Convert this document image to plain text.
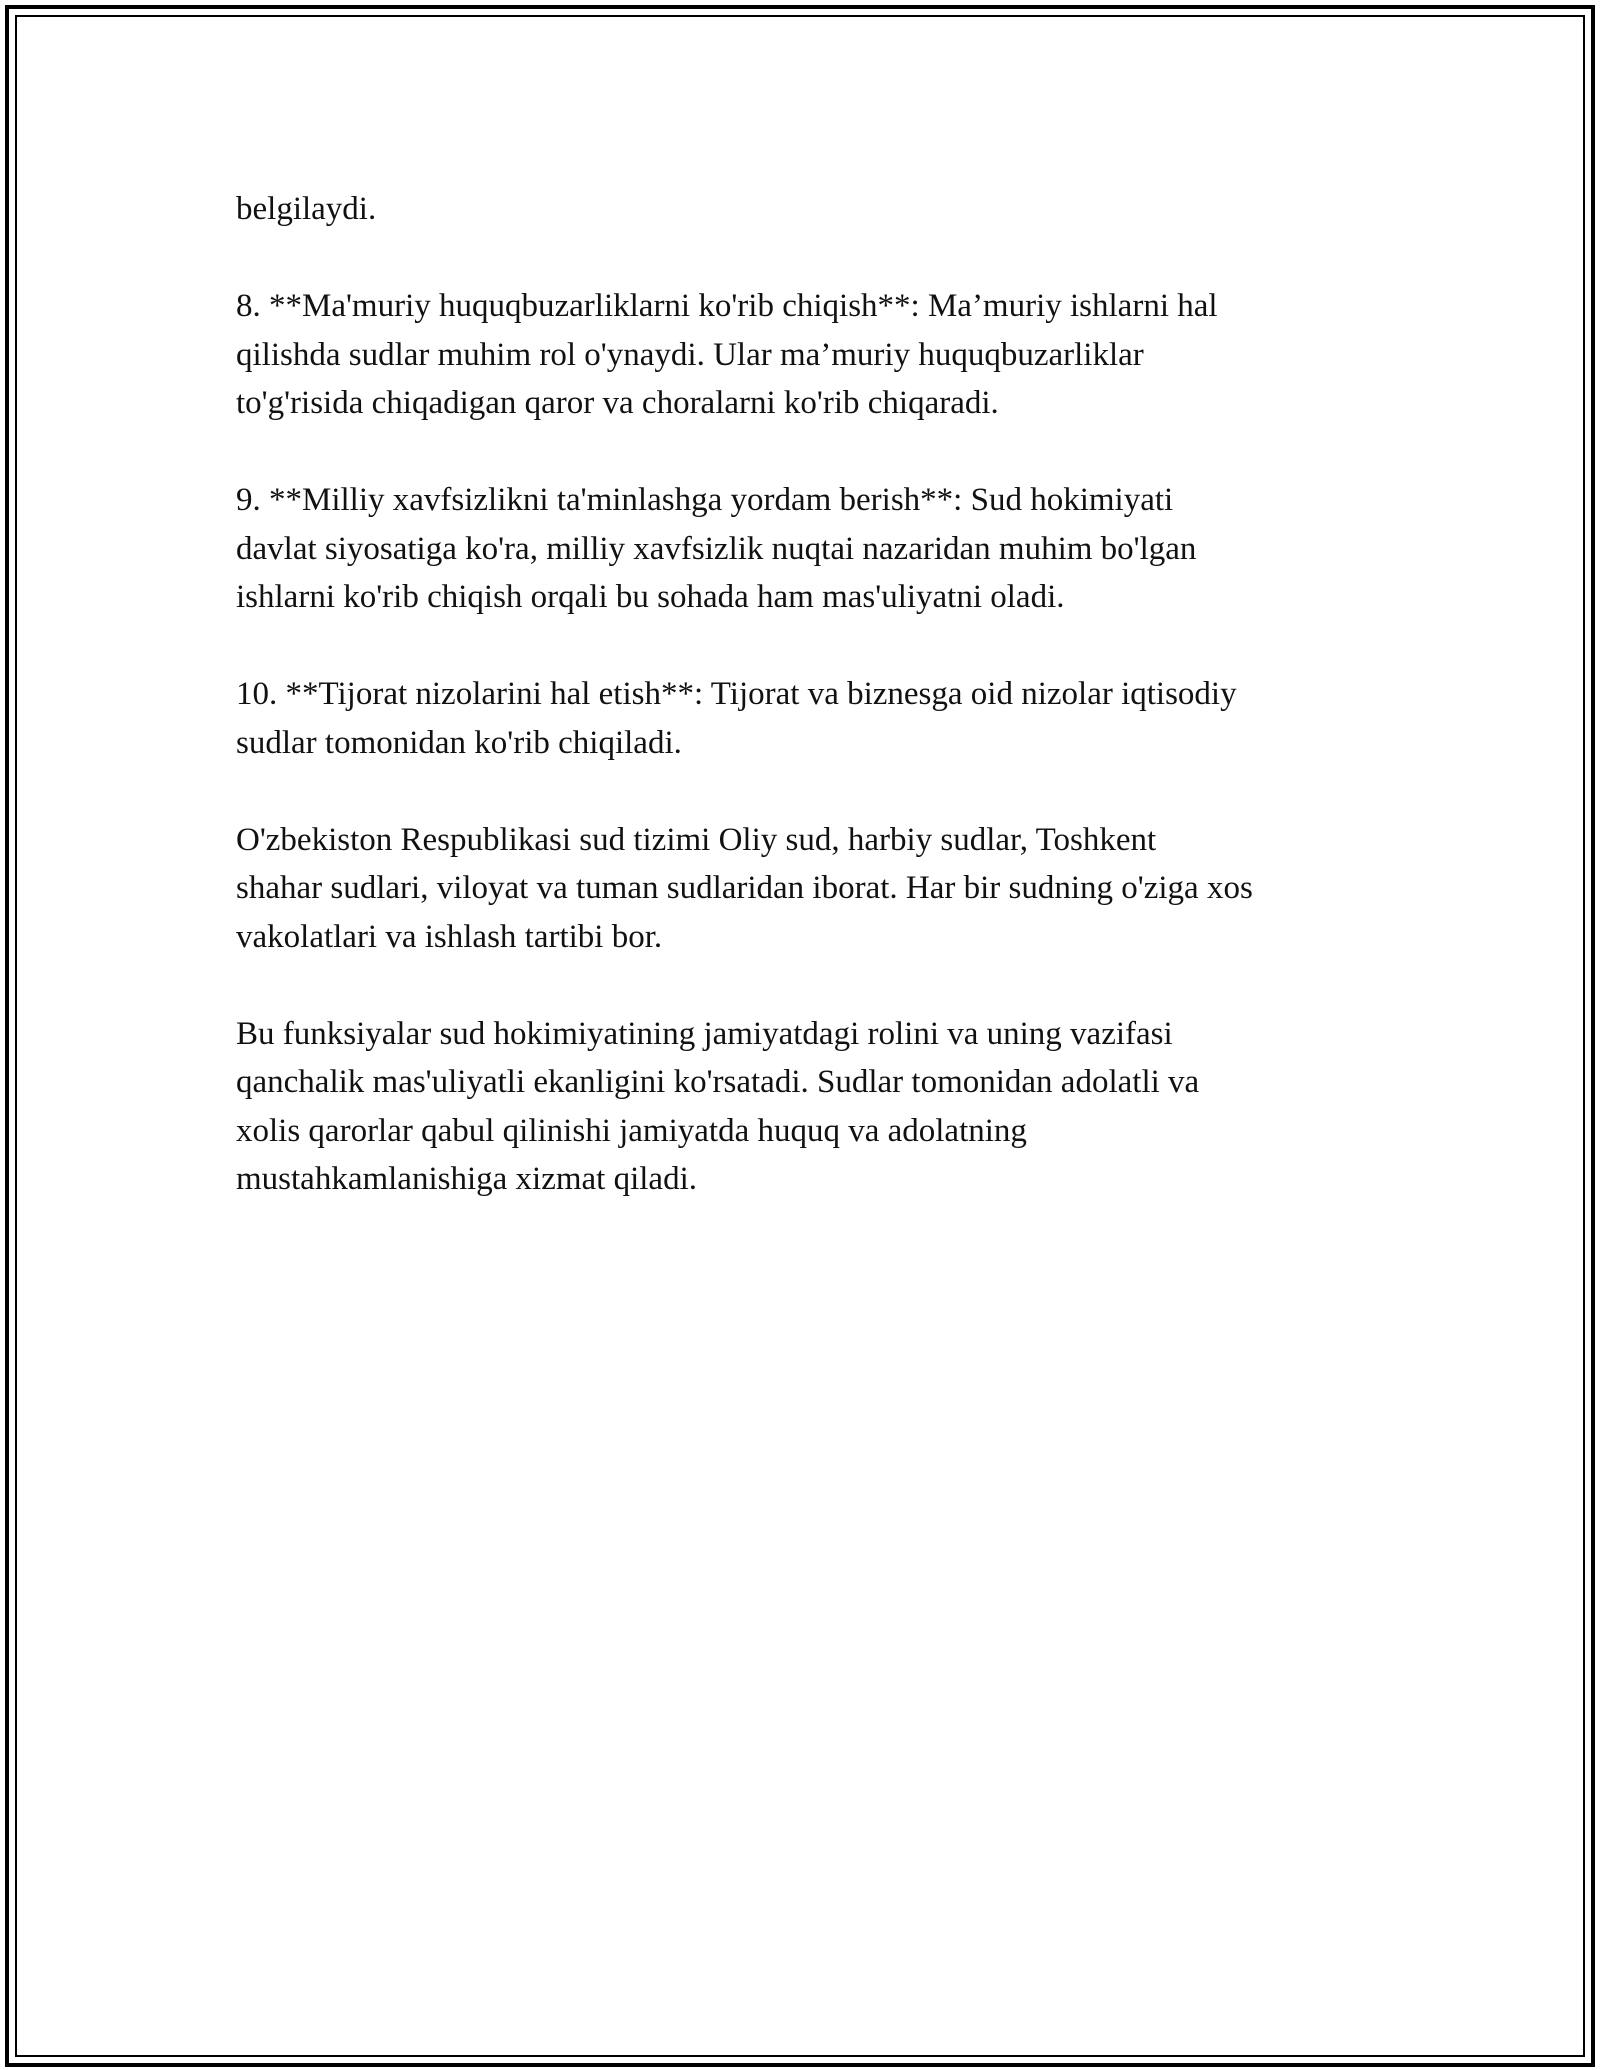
belgilaydi.
8. **Ma'muriy huquqbuzarliklarni ko'rib chiqish**: Ma’muriy ishlarni hal
qilishda sudlar muhim rol o'ynaydi. Ular ma’muriy huquqbuzarliklar
to'g'risida chiqadigan qaror va choralarni ko'rib chiqaradi.
9. **Milliy xavfsizlikni ta'minlashga yordam berish**: Sud hokimiyati
davlat siyosatiga ko'ra, milliy xavfsizlik nuqtai nazaridan muhim bo'lgan
ishlarni ko'rib chiqish orqali bu sohada ham mas'uliyatni oladi.
10. **Tijorat nizolarini hal etish**: Tijorat va biznesga oid nizolar iqtisodiy
sudlar tomonidan ko'rib chiqiladi.
O'zbekiston Respublikasi sud tizimi Oliy sud, harbiy sudlar, Toshkent
shahar sudlari, viloyat va tuman sudlaridan iborat. Har bir sudning o'ziga xos
vakolatlari va ishlash tartibi bor.
Bu funksiyalar sud hokimiyatining jamiyatdagi rolini va uning vazifasi
qanchalik mas'uliyatli ekanligini ko'rsatadi. Sudlar tomonidan adolatli va
xolis qarorlar qabul qilinishi jamiyatda huquq va adolatning
mustahkamlanishiga xizmat qiladi.
